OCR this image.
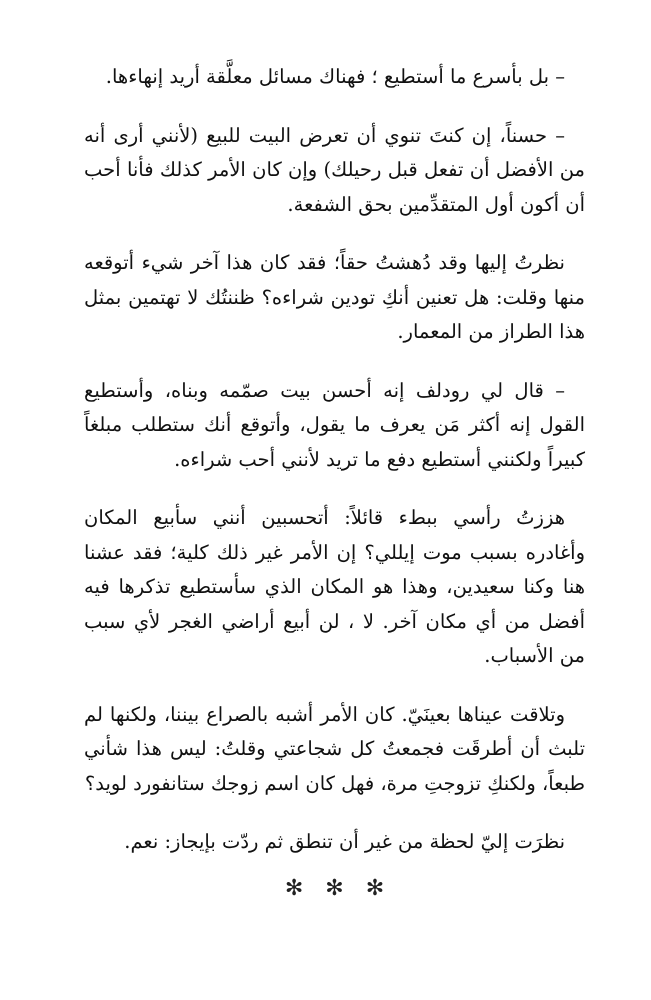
– بل بأسرع ما أستطيع ؛ فهناك مسائل معلَّقة أريد إنهاءها.

– حسناً، إن كنتَ تنوي أن تعرض البيت للبيع (لأنني أرى أنه من الأفضل أن تفعل قبل رحيلك) وإن كان الأمر كذلك فأنا أحب أن أكون أول المتقدِّمين بحق الشفعة.

نظرتُ إليها وقد دُهشتُ حقاً؛ فقد كان هذا آخر شيء أتوقعه منها وقلت: هل تعنين أنكِ تودين شراءه؟ ظننتُك لا تهتمين بمثل هذا الطراز من المعمار.

– قال لي رودلف إنه أحسن بيت صمّمه وبناه، وأستطيع القول إنه أكثر مَن يعرف ما يقول، وأتوقع أنك ستطلب مبلغاً كبيراً ولكنني أستطيع دفع ما تريد لأنني أحب شراءه.

هززتُ رأسي ببطء قائلاً: أتحسبين أنني سأبيع المكان وأغادره بسبب موت إيللي؟ إن الأمر غير ذلك كلية؛ فقد عشنا هنا وكنا سعيدين، وهذا هو المكان الذي سأستطيع تذكرها فيه أفضل من أي مكان آخر. لا ، لن أبيع أراضي الغجر لأي سبب من الأسباب.

وتلاقت عيناها بعينَيّ. كان الأمر أشبه بالصراع بيننا، ولكنها لم تلبث أن أطرقَت فجمعتُ كل شجاعتي وقلتُ: ليس هذا شأني طبعاً، ولكنكِ تزوجتِ مرة، فهل كان اسم زوجك ستانفورد لويد؟

نظرَت إليّ لحظة من غير أن تنطق ثم ردّت بإيجاز: نعم.

✻✻✻
